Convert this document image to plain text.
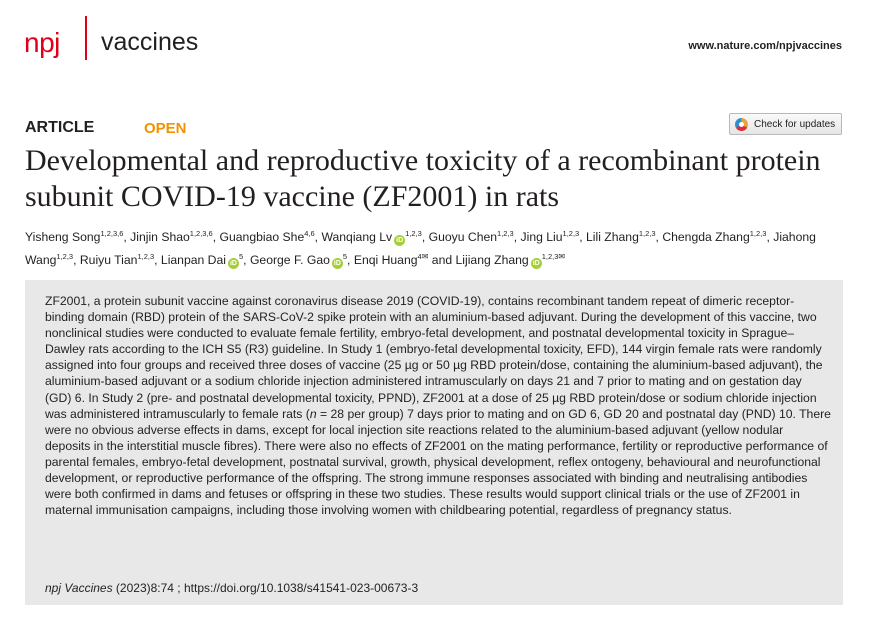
npj vaccines	www.nature.com/npjvaccines
ARTICLE	OPEN	Check for updates
Developmental and reproductive toxicity of a recombinant protein subunit COVID-19 vaccine (ZF2001) in rats
Yisheng Song$^{1,2,3,6}$, Jinjin Shao$^{1,2,3,6}$, Guangbiao She$^{4,6}$, Wanqiang Lv iD$^{1,2,3}$, Guoyu Chen$^{1,2,3}$, Jing Liu$^{1,2,3}$, Lili Zhang$^{1,2,3}$, Chengda Zhang$^{1,2,3}$, Jiahong Wang$^{1,2,3}$, Ruiyu Tian$^{1,2,3}$, Lianpan Dai $iD^5$, George F. Gao $iD^5$, Enqi Huang$^{4✉}$ and Lijiang Zhang $iD^{1,2,3✉}$

ZF2001, a protein subunit vaccine against coronavirus disease 2019 (COVID-19), contains recombinant tandem repeat of dimeric receptor-binding domain (RBD) protein of the SARS-CoV-2 spike protein with an aluminium-based adjuvant. During the development of this vaccine, two nonclinical studies were conducted to evaluate female fertility, embryo-fetal development, and postnatal developmental toxicity in Sprague–Dawley rats according to the ICH S5 (R3) guideline. In Study 1 (embryo-fetal developmental toxicity, EFD), 144 virgin female rats were randomly assigned into four groups and received three doses of vaccine (25 µg or 50 µg RBD protein/dose, containing the aluminium-based adjuvant), the aluminium-based adjuvant or a sodium chloride injection administered intramuscularly on days 21 and 7 prior to mating and on gestation day (GD) 6. In Study 2 (pre- and postnatal developmental toxicity, PPND), ZF2001 at a dose of 25 µg RBD protein/dose or sodium chloride injection was administered intramuscularly to female rats (n = 28 per group) 7 days prior to mating and on GD 6, GD 20 and postnatal day (PND) 10. There were no obvious adverse effects in dams, except for local injection site reactions related to the aluminium-based adjuvant (yellow nodular deposits in the interstitial muscle fibres). There were also no effects of ZF2001 on the mating performance, fertility or reproductive performance of parental females, embryo-fetal development, postnatal survival, growth, physical development, reflex ontogeny, behavioural and neurofunctional development, or reproductive performance of the offspring. The strong immune responses associated with binding and neutralising antibodies were both confirmed in dams and fetuses or offspring in these two studies. These results would support clinical trials or the use of ZF2001 in maternal immunisation campaigns, including those involving women with childbearing potential, regardless of pregnancy status.

npj Vaccines (2023)8:74 ; https://doi.org/10.1038/s41541-023-00673-3
